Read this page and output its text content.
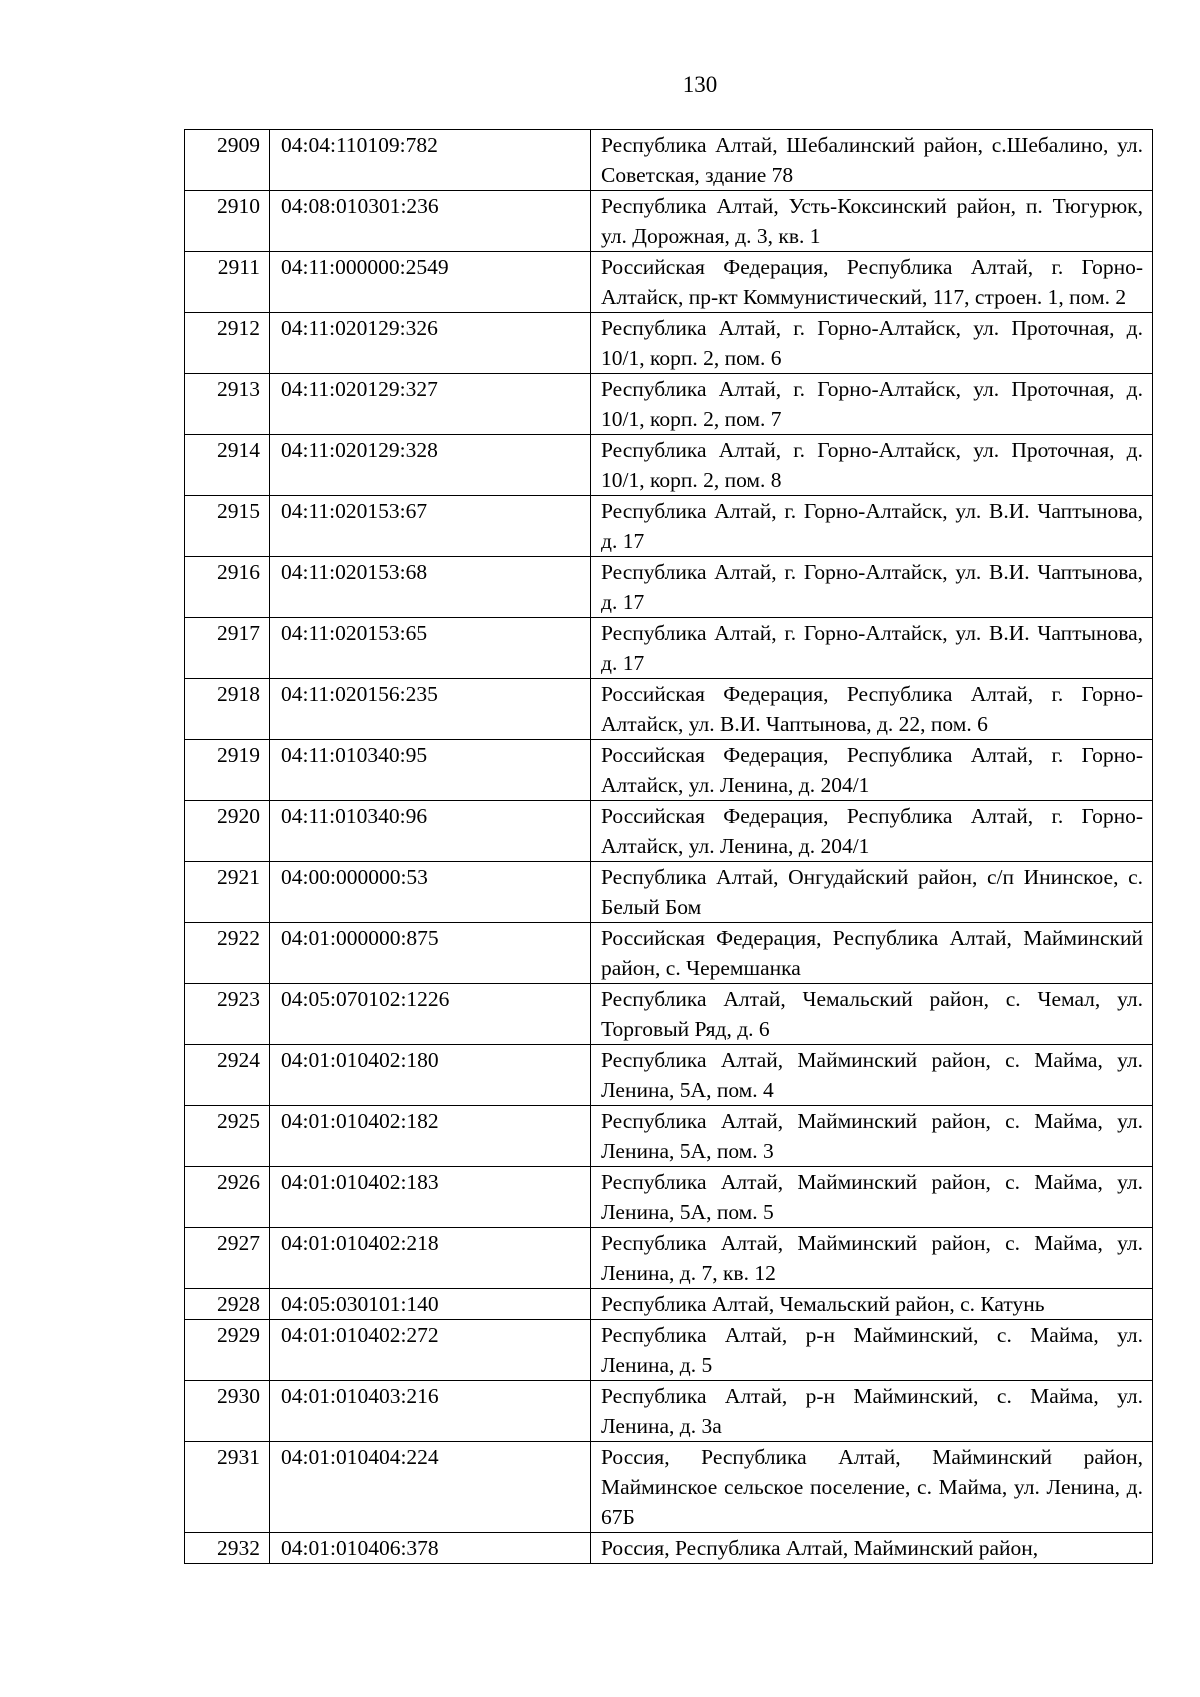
130
2909	04:04:110109:782	Республика Алтай, Шебалинский район, с.Шебалино, ул. Советская, здание 78
2910	04:08:010301:236	Республика Алтай, Усть-Коксинский район, п. Тюгурюк, ул. Дорожная, д. 3, кв. 1
2911	04:11:000000:2549	Российская Федерация, Республика Алтай, г. Горно-Алтайск, пр-кт Коммунистический, 117, строен. 1, пом. 2
2912	04:11:020129:326	Республика Алтай, г. Горно-Алтайск, ул. Проточная, д. 10/1, корп. 2, пом. 6
2913	04:11:020129:327	Республика Алтай, г. Горно-Алтайск, ул. Проточная, д. 10/1, корп. 2, пом. 7
2914	04:11:020129:328	Республика Алтай, г. Горно-Алтайск, ул. Проточная, д. 10/1, корп. 2, пом. 8
2915	04:11:020153:67	Республика Алтай, г. Горно-Алтайск, ул. В.И. Чаптынова, д. 17
2916	04:11:020153:68	Республика Алтай, г. Горно-Алтайск, ул. В.И. Чаптынова, д. 17
2917	04:11:020153:65	Республика Алтай, г. Горно-Алтайск, ул. В.И. Чаптынова, д. 17
2918	04:11:020156:235	Российская Федерация, Республика Алтай, г. Горно-Алтайск, ул. В.И. Чаптынова, д. 22, пом. 6
2919	04:11:010340:95	Российская Федерация, Республика Алтай, г. Горно-Алтайск, ул. Ленина, д. 204/1
2920	04:11:010340:96	Российская Федерация, Республика Алтай, г. Горно-Алтайск, ул. Ленина, д. 204/1
2921	04:00:000000:53	Республика Алтай, Онгудайский район, с/п Ининское, с. Белый Бом
2922	04:01:000000:875	Российская Федерация, Республика Алтай, Майминский район, с. Черемшанка
2923	04:05:070102:1226	Республика Алтай, Чемальский район, с. Чемал, ул. Торговый Ряд, д. 6
2924	04:01:010402:180	Республика Алтай, Майминский район, с. Майма, ул. Ленина, 5А, пом. 4
2925	04:01:010402:182	Республика Алтай, Майминский район, с. Майма, ул. Ленина, 5А, пом. 3
2926	04:01:010402:183	Республика Алтай, Майминский район, с. Майма, ул. Ленина, 5А, пом. 5
2927	04:01:010402:218	Республика Алтай, Майминский район, с. Майма, ул. Ленина, д. 7, кв. 12
2928	04:05:030101:140	Республика Алтай, Чемальский район, с. Катунь
2929	04:01:010402:272	Республика Алтай, р-н Майминский, с. Майма, ул. Ленина, д. 5
2930	04:01:010403:216	Республика Алтай, р-н Майминский, с. Майма, ул. Ленина, д. 3а
2931	04:01:010404:224	Россия, Республика Алтай, Майминский район, Майминское сельское поселение, с. Майма, ул. Ленина, д. 67Б
2932	04:01:010406:378	Россия, Республика Алтай, Майминский район,
